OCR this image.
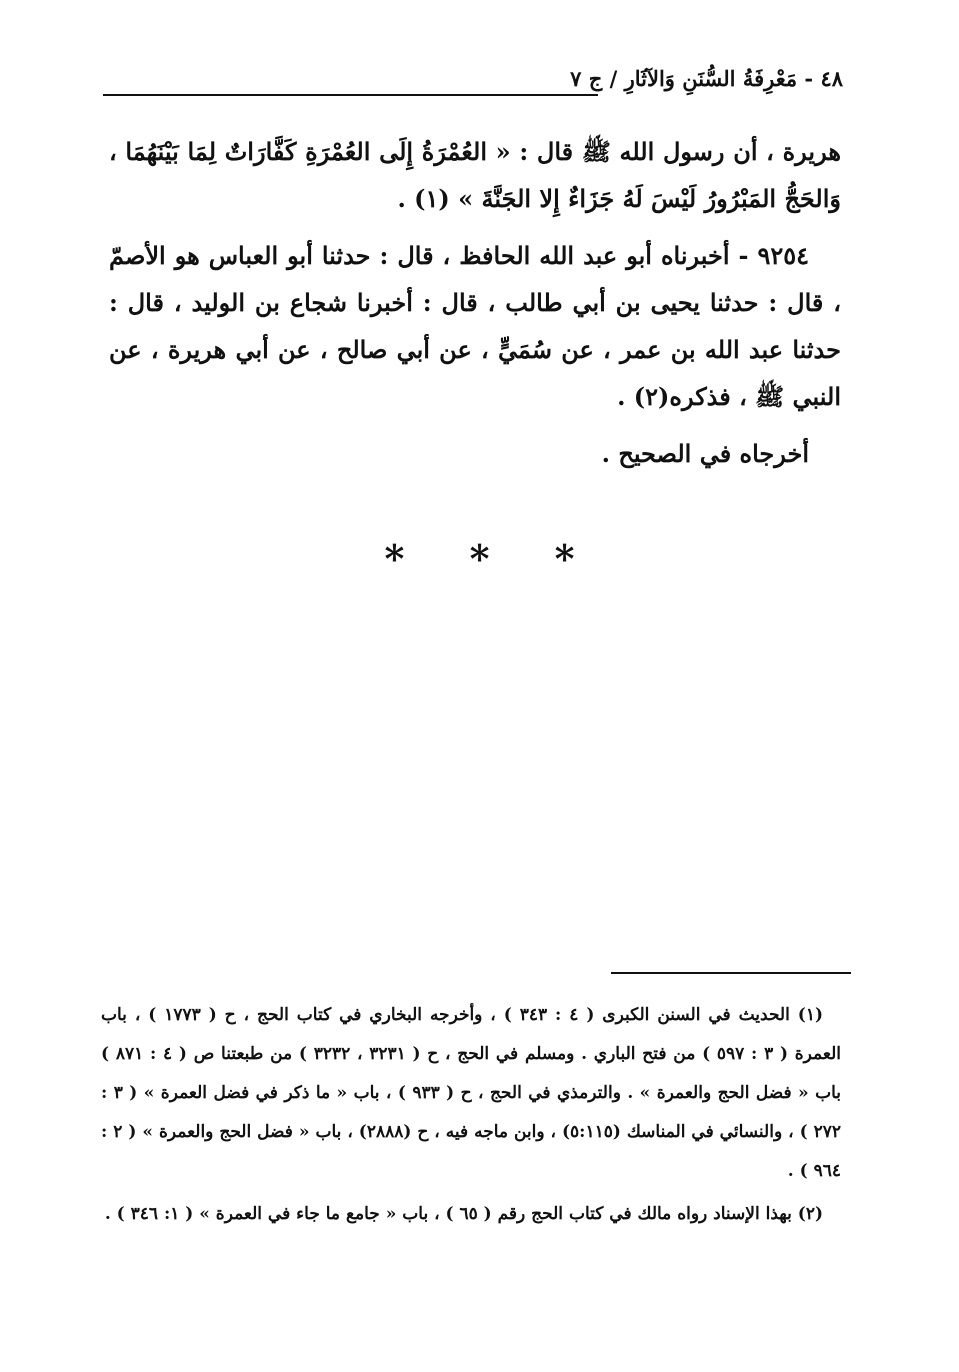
٤٨ - مَعْرِفَةُ السُّنَنِ وَالآثَارِ / ج ٧

هريرة ، أن رسول الله ﷺ قال : « العُمْرَةُ إِلَى العُمْرَةِ كَفَّارَاتٌ لِمَا بَيْنَهُمَا ، وَالحَجُّ المَبْرُورُ لَيْسَ لَهُ جَزَاءٌ إِلا الجَنَّةَ » (١) .

٩٢٥٤ - أخبرناه أبو عبد الله الحافظ ، قال : حدثنا أبو العباس هو الأصمّ ، قال : حدثنا يحيى بن أبي طالب ، قال : أخبرنا شجاع بن الوليد ، قال : حدثنا عبد الله بن عمر ، عن سُمَيٍّ ، عن أبي صالح ، عن أبي هريرة ، عن النبي ﷺ ، فذكره(٢) .

أخرجاه في الصحيح .

* * *

(١) الحديث في السنن الكبرى ( ٤ : ٣٤٣ ) ، وأخرجه البخاري في كتاب الحج ، ح ( ١٧٧٣ ) ، باب العمرة ( ٣ : ٥٩٧ ) من فتح الباري . ومسلم في الحج ، ح ( ٣٢٣١ ، ٣٢٣٢ ) من طبعتنا ص ( ٤ : ٨٧١ ) باب « فضل الحج والعمرة » . والترمذي في الحج ، ح ( ٩٣٣ ) ، باب « ما ذكر في فضل العمرة » ( ٣ : ٢٧٢ ) ، والنسائي في المناسك (٥:١١٥) ، وابن ماجه فيه ، ح (٢٨٨٨) ، باب « فضل الحج والعمرة » ( ٢ : ٩٦٤ ) .

(٢) بهذا الإسناد رواه مالك في كتاب الحج رقم ( ٦٥ ) ، باب « جامع ما جاء في العمرة » ( ١: ٣٤٦ ) .
